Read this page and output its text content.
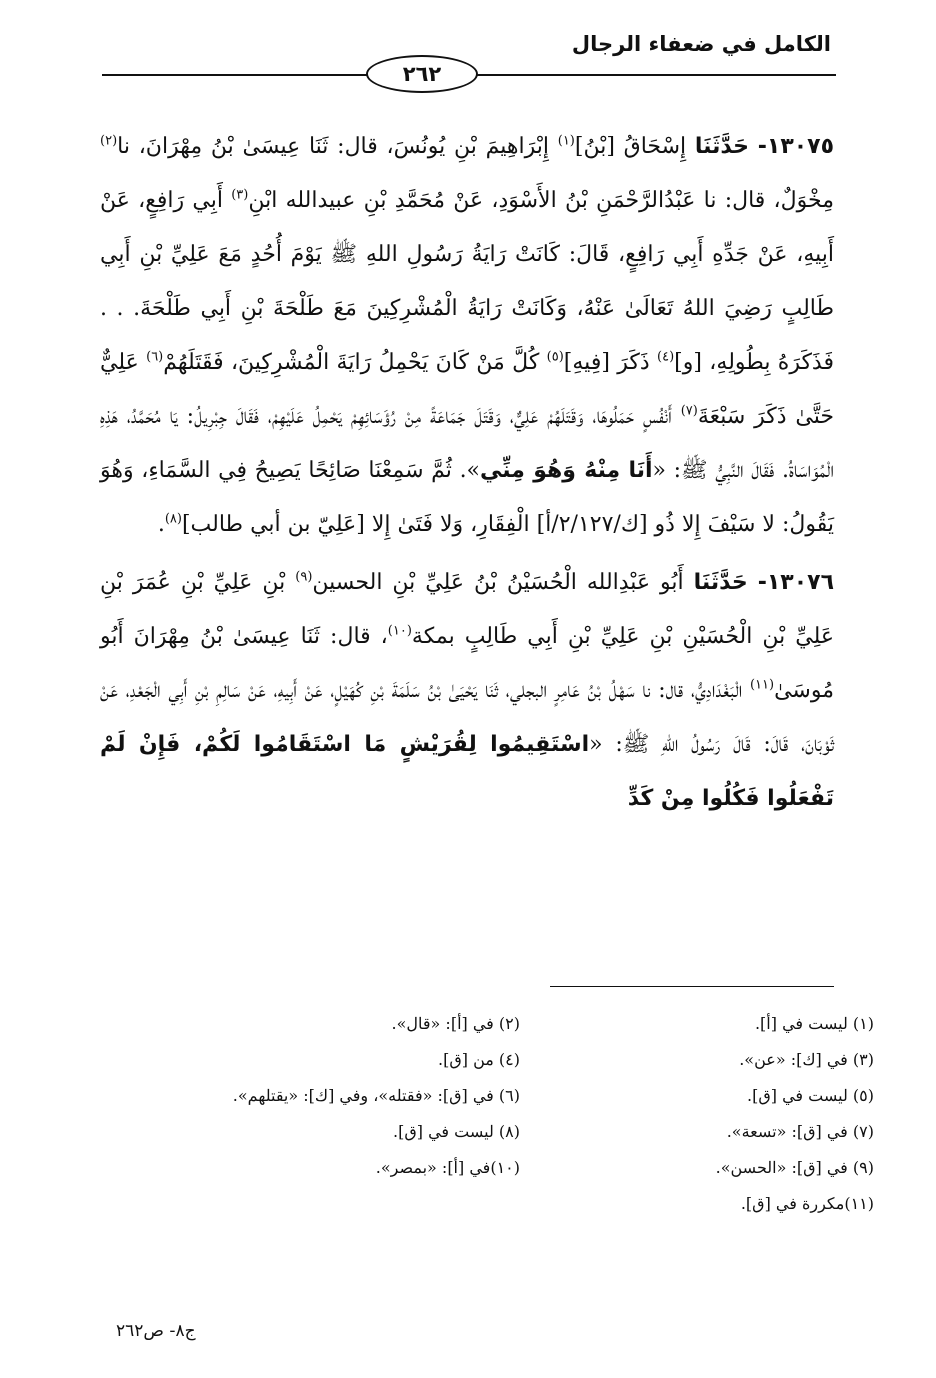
الكامل في ضعفاء الرجال
٢٦٢

١٣٠٧٥- حَدَّثَنَا إِسْحَاقُ [بْنُ]$^{(١)}$ إِبْرَاهِيمَ بْنِ يُونُسَ، قال: ثَنَا عِيسَىٰ بْنُ مِهْرَانَ، نا$^{(٢)}$ مِخْوَلٌ، قال: نا عَبْدُالرَّحْمَنِ بْنُ الأَسْوَدِ، عَنْ مُحَمَّدِ بْنِ عبيدالله ابْنِ$^{(٣)}$ أَبِي رَافِعٍ، عَنْ أَبِيهِ، عَنْ جَدِّهِ أَبِي رَافِعٍ، قَالَ: كَانَتْ رَايَةُ رَسُولِ اللهِ ﷺ يَوْمَ أُحُدٍ مَعَ عَلِيِّ بْنِ أَبِي طَالِبٍ رَضِيَ اللهُ تَعَالَىٰ عَنْهُ، وَكَانَتْ رَايَةُ الْمُشْرِكِينَ مَعَ طَلْحَةَ بْنِ أَبِي طَلْحَةَ. . . فَذَكَرَهُ بِطُولِهِ، [و]$^{(٤)}$ ذَكَرَ [فِيهِ]$^{(٥)}$ كُلَّ مَنْ كَانَ يَحْمِلُ رَايَةَ الْمُشْرِكِينَ، فَقَتَلَهُمْ$^{(٦)}$ عَلِيٌّ حَتَّىٰ ذَكَرَ سَبْعَةَ$^{(٧)}$ أَنْفُسٍ حَمَلُوهَا، وَقَتَلَهُمْ عَلِيٌّ، وَقَتَلَ جَمَاعَةً مِنْ رُؤَسَائِهِمْ يَحْمِلُ عَلَيْهِمْ، فَقَالَ جِبْرِيلُ: يَا مُحَمَّدُ، هَذِهِ الْمُوَاسَاةُ. فَقَالَ النَّبِيُّ ﷺ: «أَنَا مِنْهُ وَهُوَ مِنِّي». ثُمَّ سَمِعْنَا صَائِحًا يَصِيحُ فِي السَّمَاءِ، وَهُوَ يَقُولُ: لا سَيْفَ إِلا ذُو [ك/٢/١٢٧/أ] الْفِقَارِ، وَلا فَتَىٰ إِلا [عَلِيّ بن أبي طالب]$^{(٨)}$.

١٣٠٧٦- حَدَّثَنَا أَبُو عَبْدِالله الْحُسَيْنُ بْنُ عَلِيِّ بْنِ الحسين$^{(٩)}$ بْنِ عَلِيِّ بْنِ عُمَرَ بْنِ عَلِيِّ بْنِ الْحُسَيْنِ بْنِ عَلِيِّ بْنِ أَبِي طَالِبٍ بمكة$^{(١٠)}$، قال: ثَنَا عِيسَىٰ بْنُ مِهْرَانَ أَبُو مُوسَىٰ$^{(١١)}$ الْبَغْدَادِيُّ، قال: نا سَهْلُ بْنُ عَامِرٍ البجلي، ثَنَا يَحْيَىٰ بْنُ سَلَمَةَ بْنِ كُهَيْلٍ، عَنْ أَبِيهِ، عَنْ سَالِمِ بْنِ أَبِي الْجَعْدِ، عَنْ ثَوْبَانَ، قَالَ: قَالَ رَسُولُ اللهِ ﷺ: «اسْتَقِيمُوا لِقُرَيْشٍ مَا اسْتَقَامُوا لَكُمْ، فَإِنْ لَمْ تَفْعَلُوا فَكُلُوا مِنْ كَدِّ

(١) ليست في [أ].
(٢) في [أ]: «قال».
(٣) في [ك]: «عن».
(٤) من [ق].
(٥) ليست في [ق].
(٦) في [ق]: «فقتله»، وفي [ك]: «يقتلهم».
(٧) في [ق]: «تسعة».
(٨) ليست في [ق].
(٩) في [ق]: «الحسن».
(١٠)في [أ]: «بمصر».
(١١)مكررة في [ق].
ج٨- ص٢٦٢
